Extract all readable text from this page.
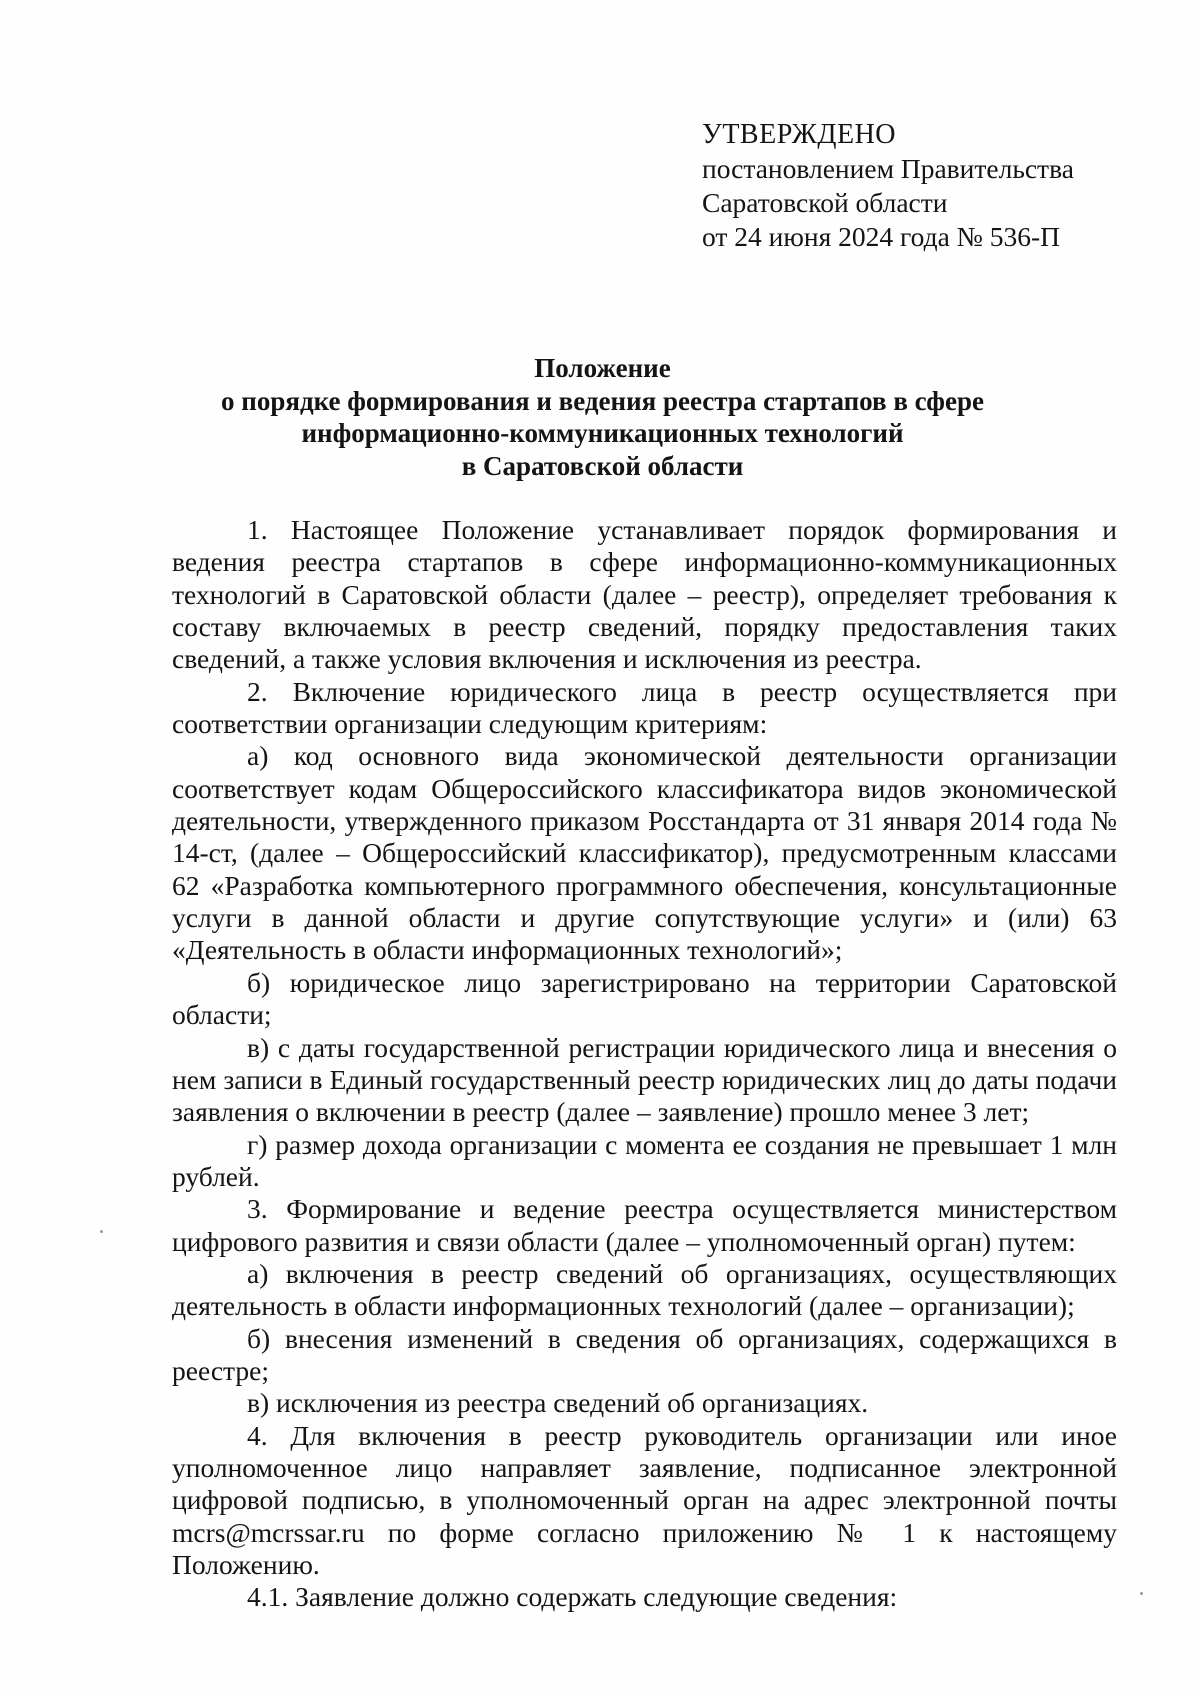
УТВЕРЖДЕНО
постановлением Правительства
Саратовской области
от 24 июня 2024 года № 536-П
Положение
о порядке формирования и ведения реестра стартапов в сфере
информационно-коммуникационных технологий
в Саратовской области

1. Настоящее Положение устанавливает порядок формирования и ведения реестра стартапов в сфере информационно-коммуникационных технологий в Саратовской области (далее – реестр), определяет требования к составу включаемых в реестр сведений, порядку предоставления таких сведений, а также условия включения и исключения из реестра.

2. Включение юридического лица в реестр осуществляется при соответствии организации следующим критериям:

а) код основного вида экономической деятельности организации соответствует кодам Общероссийского классификатора видов экономической деятельности, утвержденного приказом Росстандарта от 31 января 2014 года № 14-ст, (далее – Общероссийский классификатор), предусмотренным классами 62 «Разработка компьютерного программного обеспечения, консультационные услуги в данной области и другие сопутствующие услуги» и (или) 63 «Деятельность в области информационных технологий»;

б) юридическое лицо зарегистрировано на территории Саратовской области;

в) с даты государственной регистрации юридического лица и внесения о нем записи в Единый государственный реестр юридических лиц до даты подачи заявления о включении в реестр (далее – заявление) прошло менее 3 лет;

г) размер дохода организации с момента ее создания не превышает 1 млн рублей.

3. Формирование и ведение реестра осуществляется министерством цифрового развития и связи области (далее – уполномоченный орган) путем:

а) включения в реестр сведений об организациях, осуществляющих деятельность в области информационных технологий (далее – организации);

б) внесения изменений в сведения об организациях, содержащихся в реестре;

в) исключения из реестра сведений об организациях.

4. Для включения в реестр руководитель организации или иное уполномоченное лицо направляет заявление, подписанное электронной цифровой подписью, в уполномоченный орган на адрес электронной почты mcrs@mcrssar.ru по форме согласно приложению № 1 к настоящему Положению.

4.1. Заявление должно содержать следующие сведения:
